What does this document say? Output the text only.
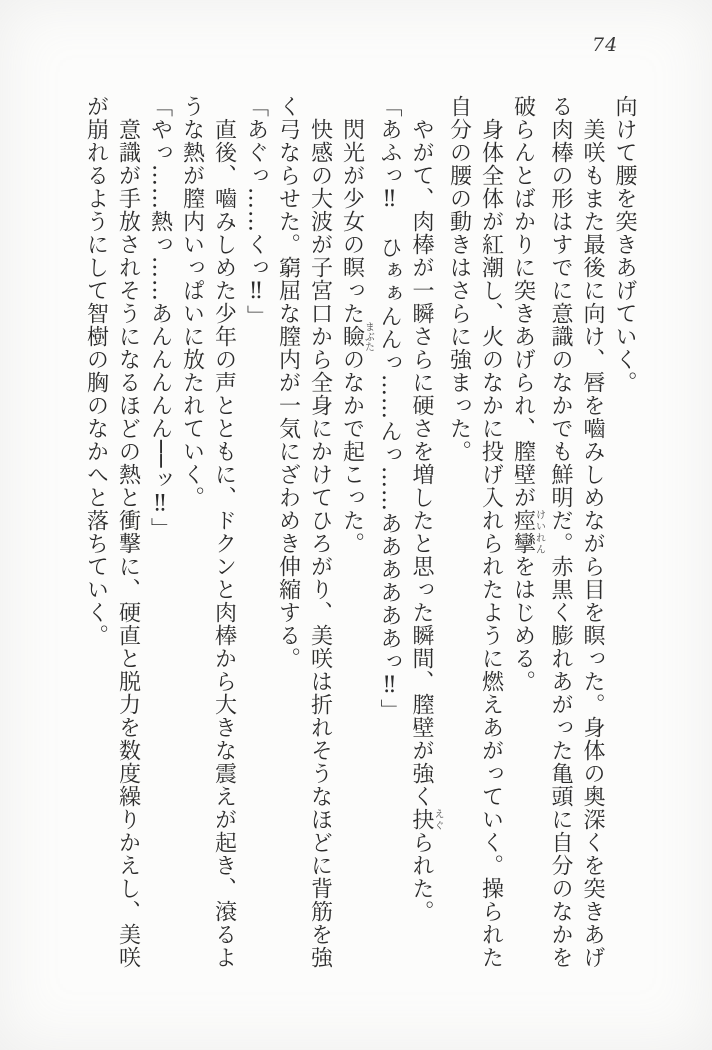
74

向けて腰を突きあげていく。

美咲もまた最後に向け、唇を嚙みしめながら目を瞑った。身体の奥深くを突きあげ

る肉棒の形はすでに意識のなかでも鮮明だ。赤黒く膨れあがった亀頭に自分のなかを

破らんとばかりに突きあげられ、膣壁が痙攣けいれんをはじめる。

身体全体が紅潮し、火のなかに投げ入れられたように燃えあがっていく。操られた

自分の腰の動きはさらに強まった。

やがて、肉棒が一瞬さらに硬さを増したと思った瞬間、膣壁が強く抉えぐられた。

「あふっ‼　ひぁぁんんっ……んっ……ああああああっ‼」

閃光が少女の瞑った瞼まぶたのなかで起こった。

快感の大波が子宮口から全身にかけてひろがり、美咲は折れそうなほどに背筋を強

く弓ならせた。窮屈な膣内が一気にざわめき伸縮する。

「あぐっ……くっ‼」

直後、嚙みしめた少年の声とともに、ドクンと肉棒から大きな震えが起き、滾るよ

うな熱が膣内いっぱいに放たれていく。

「やっ……熱っ……あんんんんん──ッ‼」

意識が手放されそうになるほどの熱と衝撃に、硬直と脱力を数度繰りかえし、美咲

が崩れるようにして智樹の胸のなかへと落ちていく。
